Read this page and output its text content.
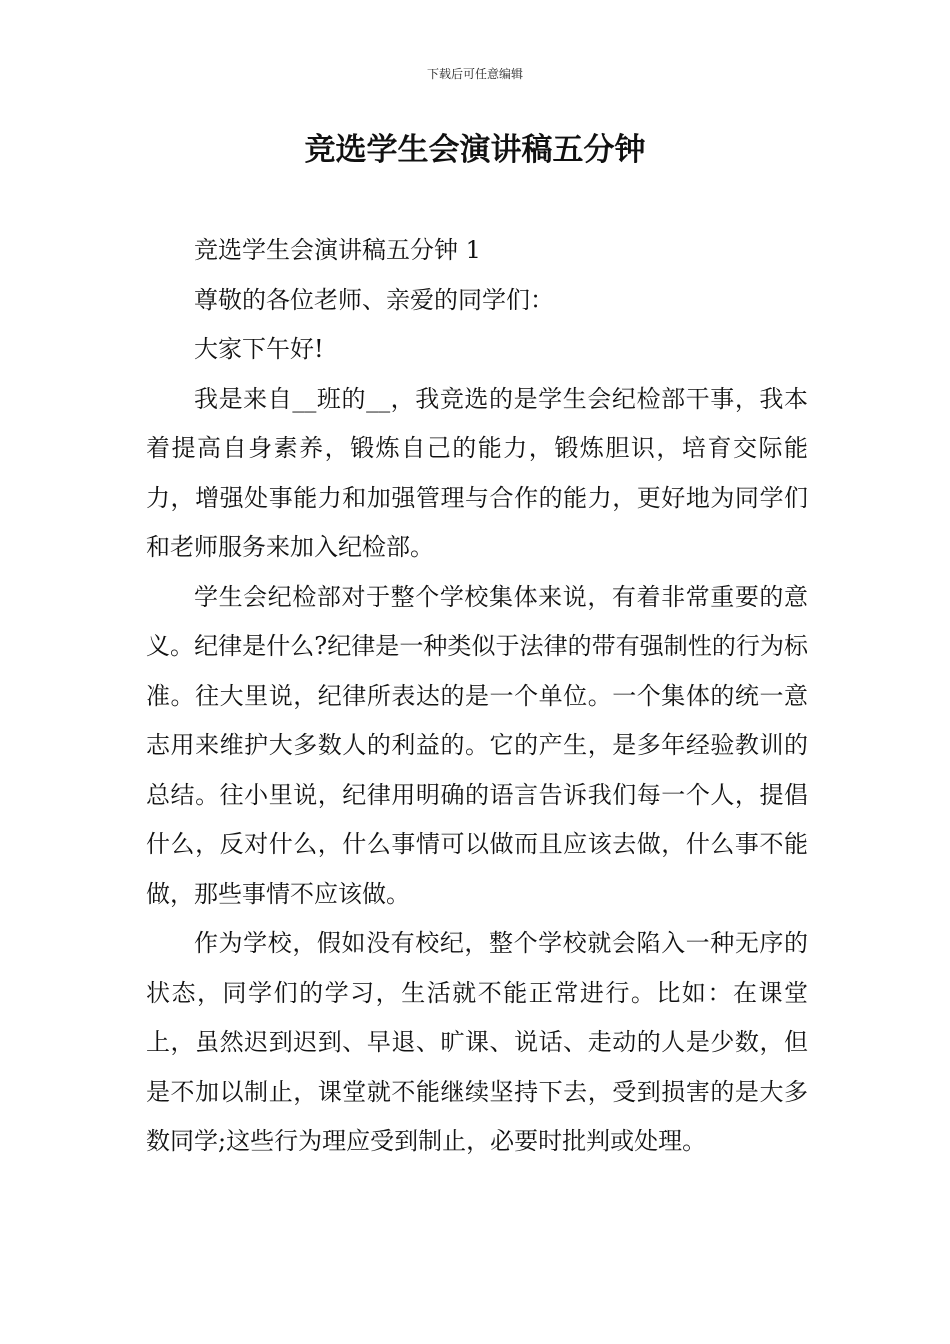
下载后可任意编辑
竞选学生会演讲稿五分钟

竞选学生会演讲稿五分钟 1

尊敬的各位老师、亲爱的同学们：

大家下午好!

我是来自__班的__，我竞选的是学生会纪检部干事，我本着提高自身素养，锻炼自己的能力，锻炼胆识，培育交际能力，增强处事能力和加强管理与合作的能力，更好地为同学们和老师服务来加入纪检部。

学生会纪检部对于整个学校集体来说，有着非常重要的意义。纪律是什么?纪律是一种类似于法律的带有强制性的行为标准。往大里说，纪律所表达的是一个单位。一个集体的统一意志用来维护大多数人的利益的。它的产生，是多年经验教训的总结。往小里说，纪律用明确的语言告诉我们每一个人，提倡什么，反对什么，什么事情可以做而且应该去做，什么事不能做，那些事情不应该做。

作为学校，假如没有校纪，整个学校就会陷入一种无序的状态，同学们的学习，生活就不能正常进行。比如：在课堂上，虽然迟到迟到、早退、旷课、说话、走动的人是少数，但是不加以制止，课堂就不能继续坚持下去，受到损害的是大多数同学;这些行为理应受到制止，必要时批判或处理。
